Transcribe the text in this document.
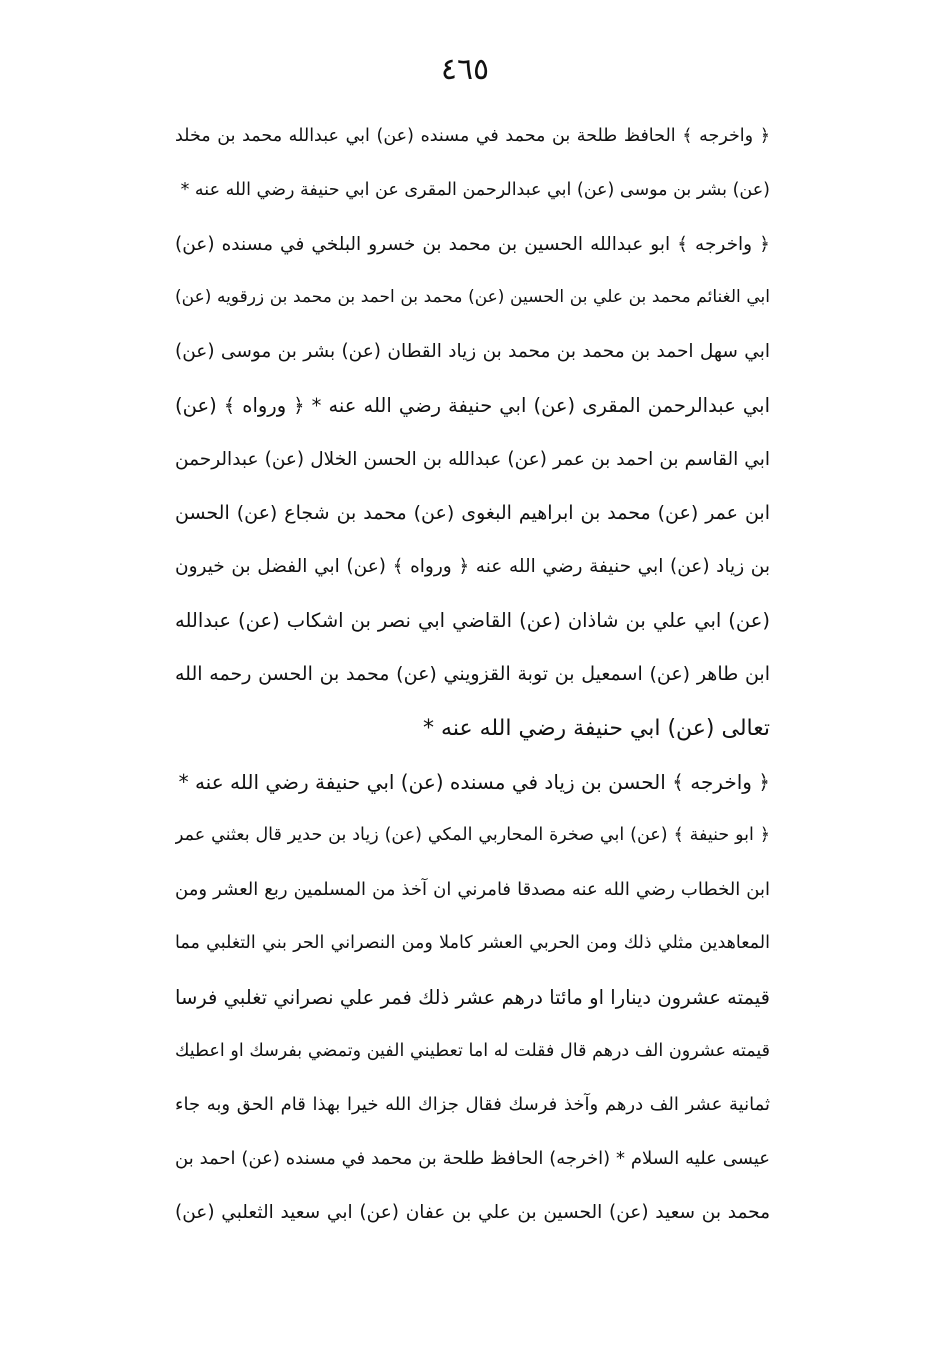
٤٦٥
﴿ واخرجه ﴾ الحافظ طلحة بن محمد في مسنده (عن) ابي عبدالله محمد بن مخلد
(عن) بشر بن موسى (عن) ابي عبدالرحمن المقرى عن ابي حنيفة رضي الله عنه *
﴿ واخرجه ﴾ ابو عبدالله الحسين بن محمد بن خسرو البلخي في مسنده (عن)
ابي الغنائم محمد بن علي بن الحسين (عن) محمد بن احمد بن محمد بن زرقويه (عن)
ابي سهل احمد بن محمد بن محمد بن زياد القطان (عن) بشر بن موسى (عن)
ابي عبدالرحمن المقرى (عن) ابي حنيفة رضي الله عنه * ﴿ ورواه ﴾ (عن)
ابي القاسم بن احمد بن عمر (عن) عبدالله بن الحسن الخلال (عن) عبدالرحمن
ابن عمر (عن) محمد بن ابراهيم البغوى (عن) محمد بن شجاع (عن) الحسن
بن زياد (عن) ابي حنيفة رضي الله عنه ﴿ ورواه ﴾ (عن) ابي الفضل بن خيرون
(عن) ابي علي بن شاذان (عن) القاضي ابي نصر بن اشكاب (عن) عبدالله
ابن طاهر (عن) اسمعيل بن توبة القزويني (عن) محمد بن الحسن رحمه الله
تعالى (عن) ابي حنيفة رضي الله عنه *
﴿ واخرجه ﴾ الحسن بن زياد في مسنده (عن) ابي حنيفة رضي الله عنه *
﴿ ابو حنيفة ﴾ (عن) ابي صخرة المحاربي المكي (عن) زياد بن حدير قال بعثني عمر
ابن الخطاب رضي الله عنه مصدقا فامرني ان آخذ من المسلمين ربع العشر ومن
المعاهدين مثلي ذلك ومن الحربي العشر كاملا ومن النصراني الحر بني التغلبي مما
قيمته عشرون دينارا او مائتا درهم عشر ذلك فمر علي نصراني تغلبي فرسا
قيمته عشرون الف درهم قال فقلت له اما تعطيني الفين وتمضي بفرسك او اعطيك
ثمانية عشر الف درهم وآخذ فرسك فقال جزاك الله خيرا بهذا قام الحق وبه جاء
عيسى عليه السلام * (اخرجه) الحافظ طلحة بن محمد في مسنده (عن) احمد بن
محمد بن سعيد (عن) الحسين بن علي بن عفان (عن) ابي سعيد الثعلبي (عن)
